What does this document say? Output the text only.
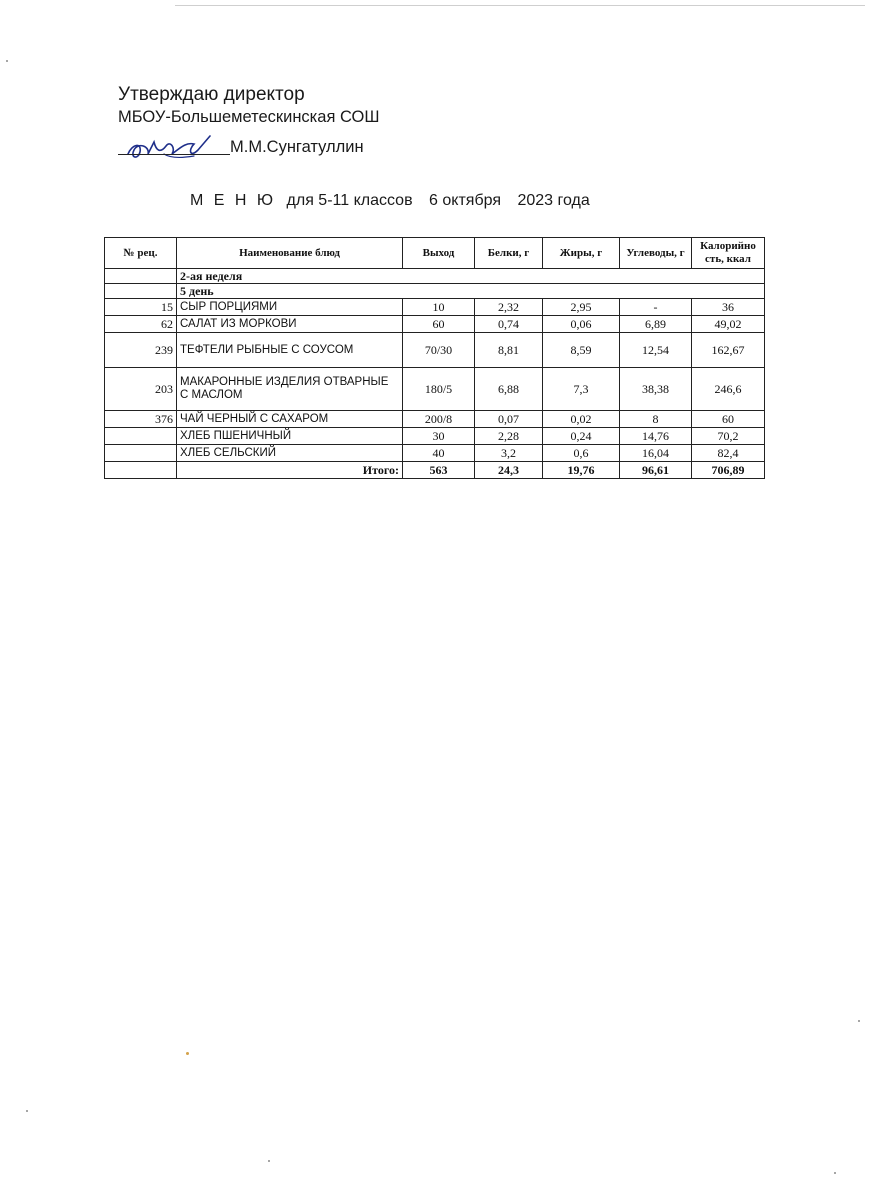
Утверждаю директор
МБОУ-Большеметескинская СОШ
М.М.Сунгатуллин
М Е Н Ю для 5-11 классов 6 октября 2023 года
№ рец.	Наименование блюд	Выход	Белки, г	Жиры, г	Углеводы, г	Калорийно сть, ккал
	2-ая неделя					
	5 день					
15	СЫР ПОРЦИЯМИ	10	2,32	2,95	-	36
62	САЛАТ ИЗ МОРКОВИ	60	0,74	0,06	6,89	49,02
239	ТЕФТЕЛИ РЫБНЫЕ С СОУСОМ	70/30	8,81	8,59	12,54	162,67
203	МАКАРОННЫЕ ИЗДЕЛИЯ ОТВАРНЫЕ С МАСЛОМ	180/5	6,88	7,3	38,38	246,6
376	ЧАЙ ЧЕРНЫЙ С САХАРОМ	200/8	0,07	0,02	8	60
	ХЛЕБ ПШЕНИЧНЫЙ	30	2,28	0,24	14,76	70,2
	ХЛЕБ СЕЛЬСКИЙ	40	3,2	0,6	16,04	82,4
	Итого:	563	24,3	19,76	96,61	706,89
